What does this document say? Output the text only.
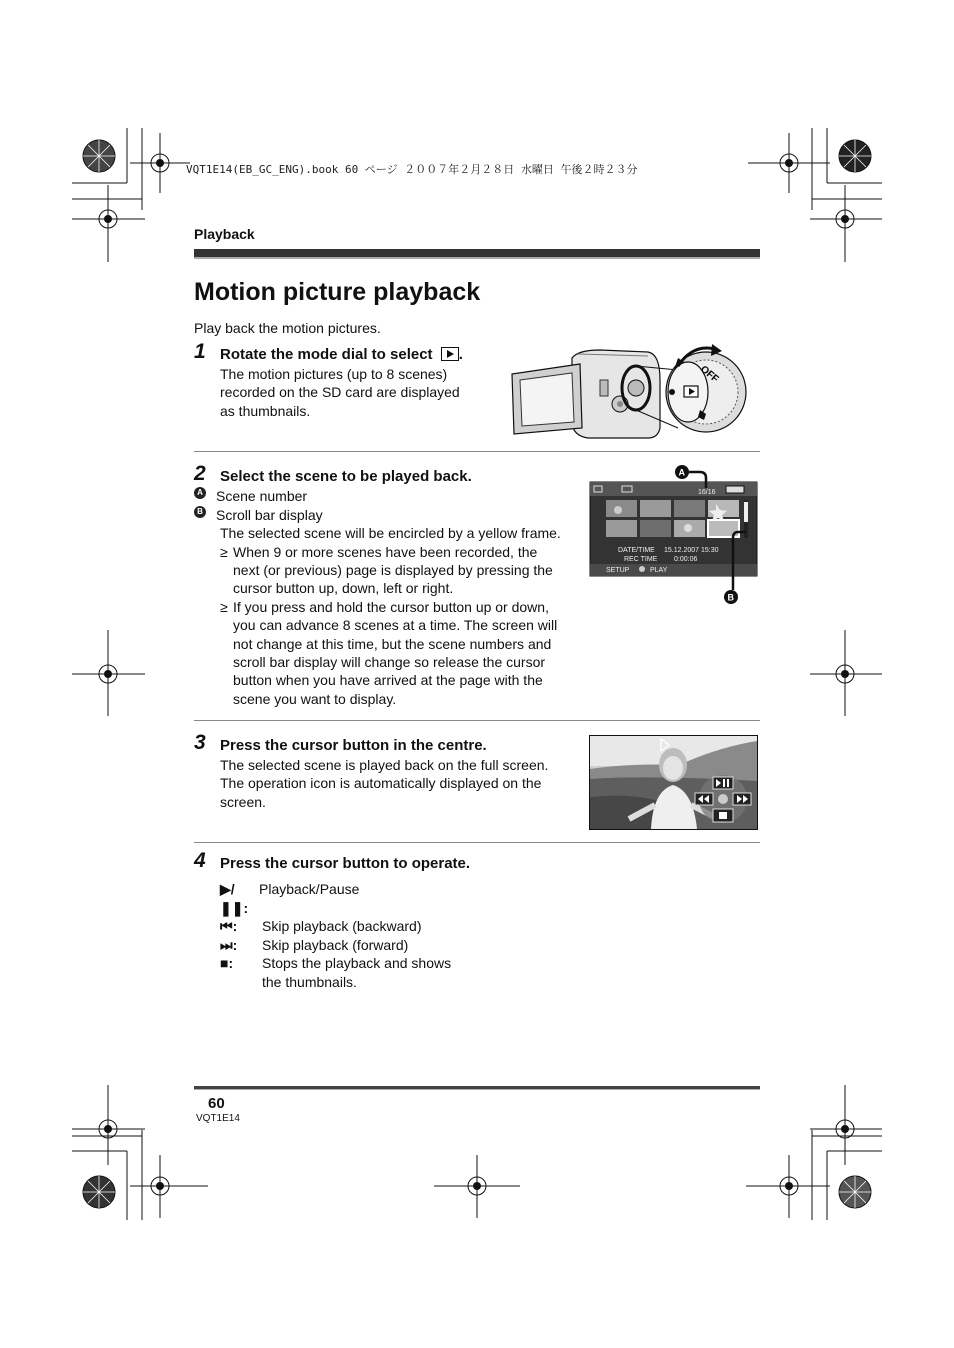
VQT1E14(EB_GC_ENG).book 60 ページ ２００７年２月２８日 水曜日 午後２時２３分
Playback
Motion picture playback
Play back the motion pictures.
1 Rotate the mode dial to select .
The motion pictures (up to 8 scenes)
recorded on the SD card are displayed
as thumbnails.
OFF
2 Select the scene to be played back.
A Scene number
B Scroll bar display
The selected scene will be encircled by a yellow frame.
≥ When 9 or more scenes have been recorded, the
next (or previous) page is displayed by pressing the
cursor button up, down, left or right.
≥ If you press and hold the cursor button up or down,
you can advance 8 scenes at a time. The screen will
not change at this time, but the scene numbers and
scroll bar display will change so release the cursor
button when you have arrived at the page with the
scene you want to display.
16/16
DATE/TIME 15.12.2007 15:30
REC TIME 0:00:06
SETUP	PLAY
A
B
3 Press the cursor button in the centre.
The selected scene is played back on the full screen.
The operation icon is automatically displayed on the
screen.
4 Press the cursor button to operate.
▶/❚❚:
Playback/Pause
⏮:	Skip playback (backward)
⏭:	Skip playback (forward)
■:	Stops the playback and shows
the thumbnails.
60
VQT1E14
